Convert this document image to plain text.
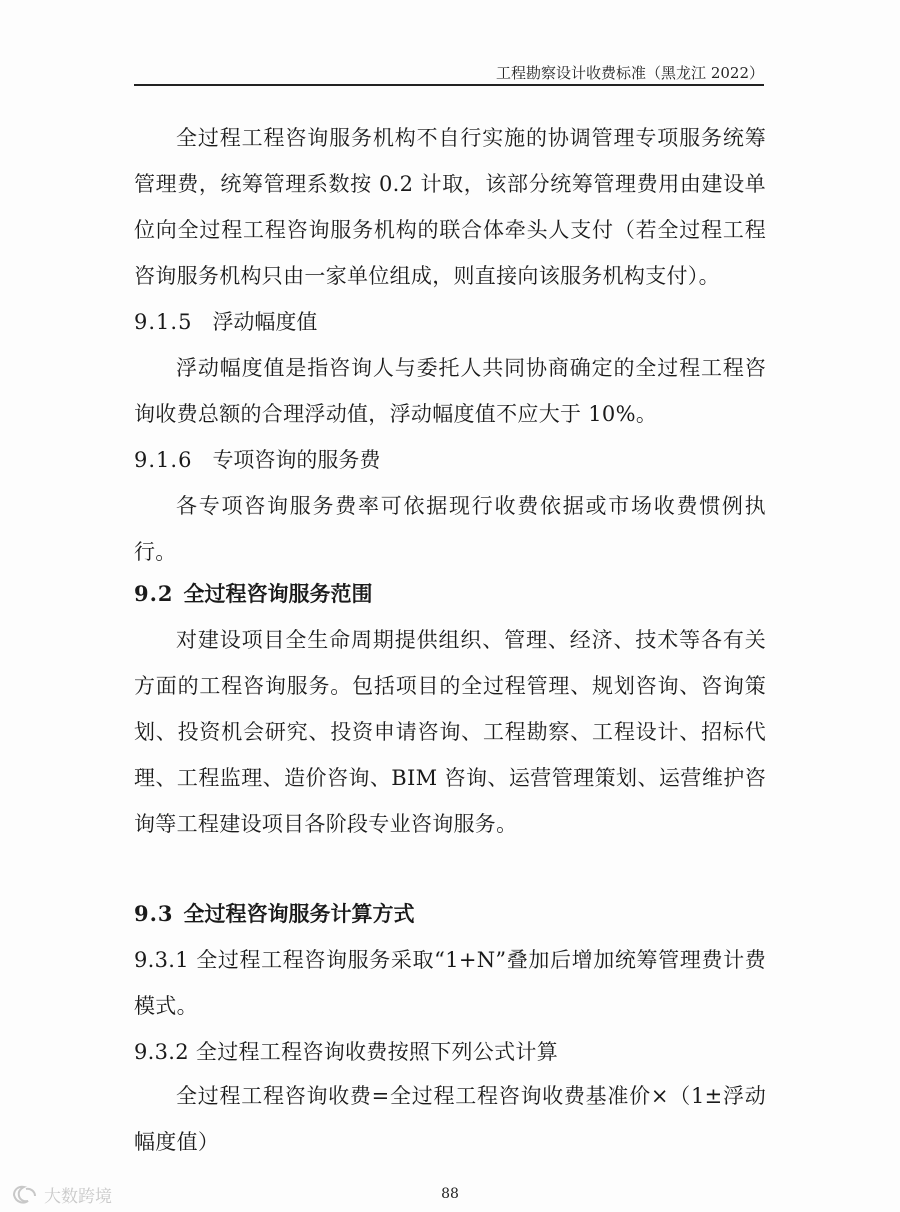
工程勘察设计收费标准（黑龙江 2022）

全过程工程咨询服务机构不自行实施的协调管理专项服务统筹管理费，统筹管理系数按 0.2 计取，该部分统筹管理费用由建设单位向全过程工程咨询服务机构的联合体牵头人支付（若全过程工程咨询服务机构只由一家单位组成，则直接向该服务机构支付）。

9.1.5 浮动幅度值

浮动幅度值是指咨询人与委托人共同协商确定的全过程工程咨询收费总额的合理浮动值，浮动幅度值不应大于 10%。

9.1.6 专项咨询的服务费

各专项咨询服务费率可依据现行收费依据或市场收费惯例执行。

9.2 全过程咨询服务范围

对建设项目全生命周期提供组织、管理、经济、技术等各有关方面的工程咨询服务。包括项目的全过程管理、规划咨询、咨询策划、投资机会研究、投资申请咨询、工程勘察、工程设计、招标代理、工程监理、造价咨询、BIM 咨询、运营管理策划、运营维护咨询等工程建设项目各阶段专业咨询服务。

9.3 全过程咨询服务计算方式

9.3.1 全过程工程咨询服务采取“1+N”叠加后增加统筹管理费计费模式。

9.3.2 全过程工程咨询收费按照下列公式计算

全过程工程咨询收费=全过程工程咨询收费基准价×（1±浮动幅度值）

88
大数跨境
